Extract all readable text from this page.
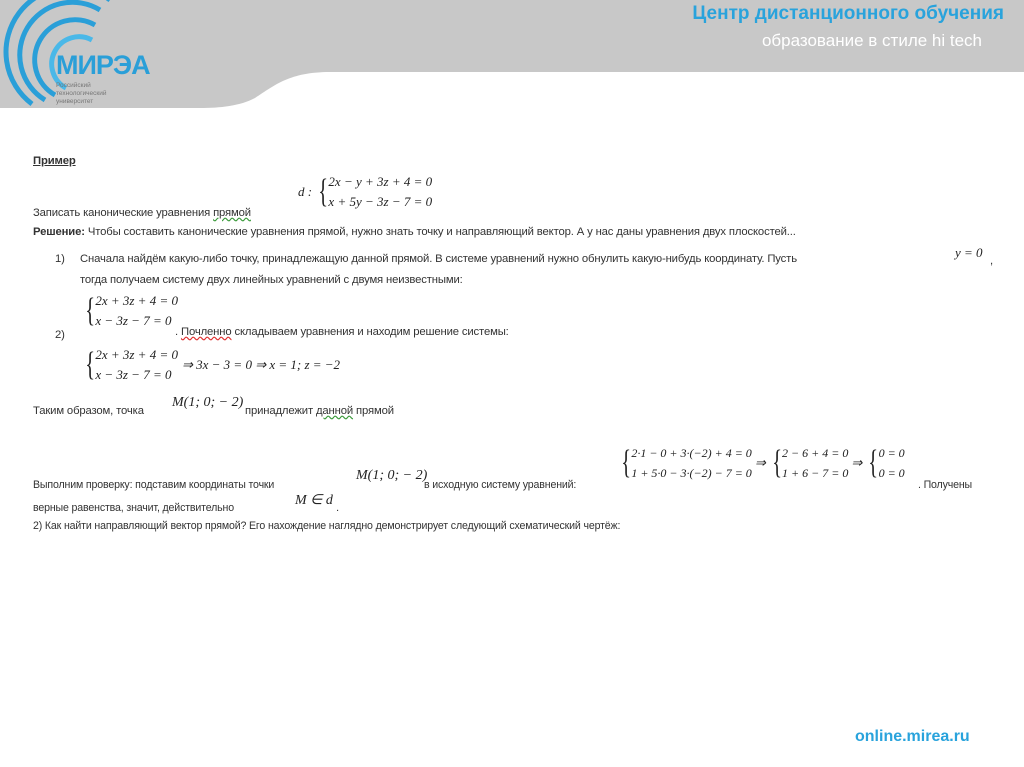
МИРЭА
Российский
технологический
университет
Центр дистанционного обучения
образование в стиле hi tech
Пример
d : { 2x − y + 3z + 4 = 0
x + 5y − 3z − 7 = 0
Записать канонические уравнения прямой
Решение: Чтобы составить канонические уравнения прямой, нужно знать точку и направляющий вектор. А у нас даны уравнения двух плоскостей...
1) Сначала найдём какую-либо точку, принадлежащую данной прямой. В системе уравнений нужно обнулить какую-нибудь координату. Пусть	y = 0
,
тогда получаем систему двух линейных уравнений с двумя неизвестными:
{ 2x + 3z + 4 = 0
x − 3z − 7 = 0
2)	. Почленно складываем уравнения и находим решение системы:
{ 2x + 3z + 4 = 0
x − 3z − 7 = 0
⇒ 3x − 3 = 0 ⇒ x = 1; z = −2
Таким образом, точка
M(1; 0; − 2)
принадлежит данной прямой
Выполним проверку: подставим координаты точки
M(1; 0; − 2)
в исходную систему уравнений:
{ 2·1 − 0 + 3·(−2) + 4 = 0
1 + 5·0 − 3·(−2) − 7 = 0
⇒ { 2 − 6 + 4 = 0
1 + 6 − 7 = 0
⇒ { 0 = 0
0 = 0
. Получены
верные равенства, значит, действительно	M ∈ d .
2) Как найти направляющий вектор прямой? Его нахождение наглядно демонстрирует следующий схематический чертёж:
online.mirea.ru
